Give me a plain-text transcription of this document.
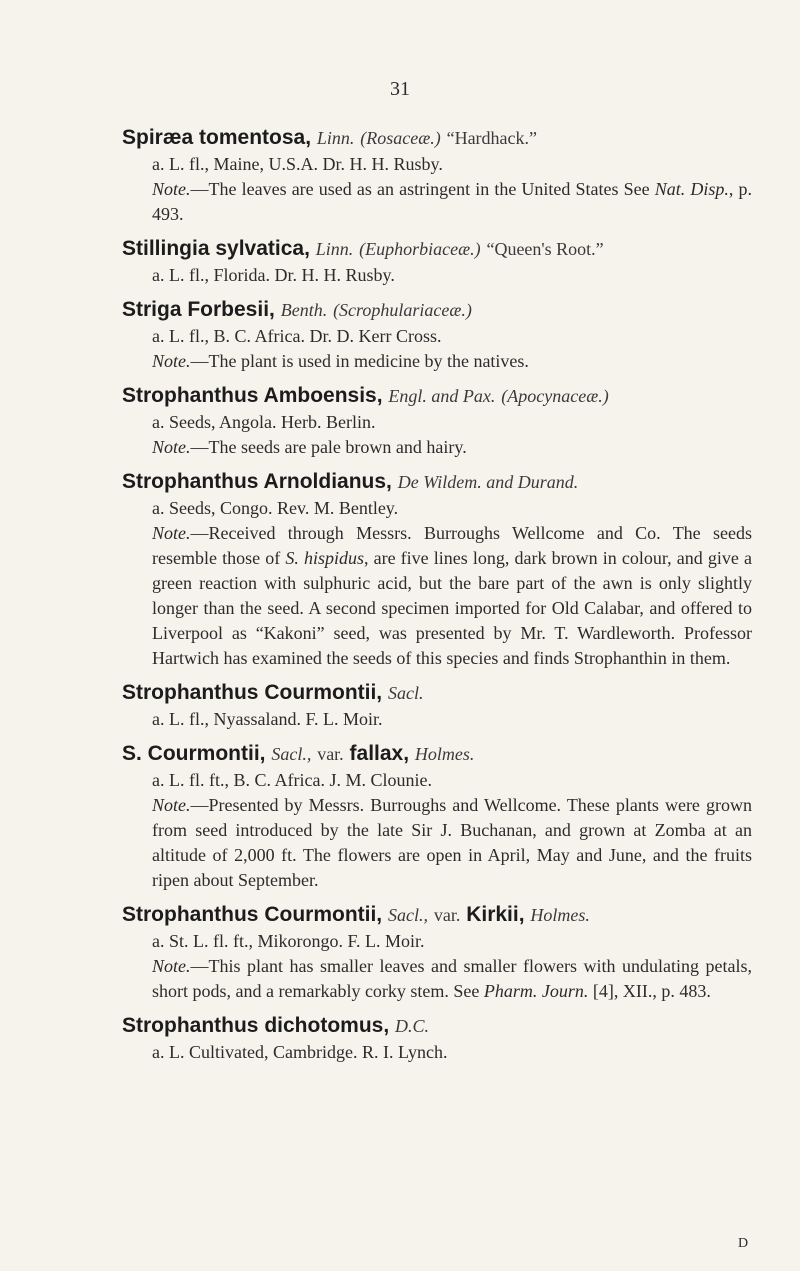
31
Spiræa tomentosa, Linn. (Rosaceæ.) “Hardhack.”
a. L. fl., Maine, U.S.A. Dr. H. H. Rusby.
Note.—The leaves are used as an astringent in the United States See Nat. Disp., p. 493.
Stillingia sylvatica, Linn. (Euphorbiaceæ.) “Queen's Root.”
a. L. fl., Florida. Dr. H. H. Rusby.
Striga Forbesii, Benth. (Scrophulariaceæ.)
a. L. fl., B. C. Africa. Dr. D. Kerr Cross.
Note.—The plant is used in medicine by the natives.
Strophanthus Amboensis, Engl. and Pax. (Apocynaceæ.)
a. Seeds, Angola. Herb. Berlin.
Note.—The seeds are pale brown and hairy.
Strophanthus Arnoldianus, De Wildem. and Durand.
a. Seeds, Congo. Rev. M. Bentley.
Note.—Received through Messrs. Burroughs Wellcome and Co. The seeds resemble those of S. hispidus, are five lines long, dark brown in colour, and give a green reaction with sulphuric acid, but the bare part of the awn is only slightly longer than the seed. A second specimen imported for Old Calabar, and offered to Liverpool as “Kakoni” seed, was presented by Mr. T. Wardleworth. Professor Hartwich has examined the seeds of this species and finds Strophanthin in them.
Strophanthus Courmontii, Sacl.
a. L. fl., Nyassaland. F. L. Moir.
S. Courmontii, Sacl., var. fallax, Holmes.
a. L. fl. ft., B. C. Africa. J. M. Clounie.
Note.—Presented by Messrs. Burroughs and Wellcome. These plants were grown from seed introduced by the late Sir J. Buchanan, and grown at Zomba at an altitude of 2,000 ft. The flowers are open in April, May and June, and the fruits ripen about September.
Strophanthus Courmontii, Sacl., var. Kirkii, Holmes.
a. St. L. fl. ft., Mikorongo. F. L. Moir.
Note.—This plant has smaller leaves and smaller flowers with undulating petals, short pods, and a remarkably corky stem. See Pharm. Journ. [4], XII., p. 483.
Strophanthus dichotomus, D.C.
a. L. Cultivated, Cambridge. R. I. Lynch.
D
